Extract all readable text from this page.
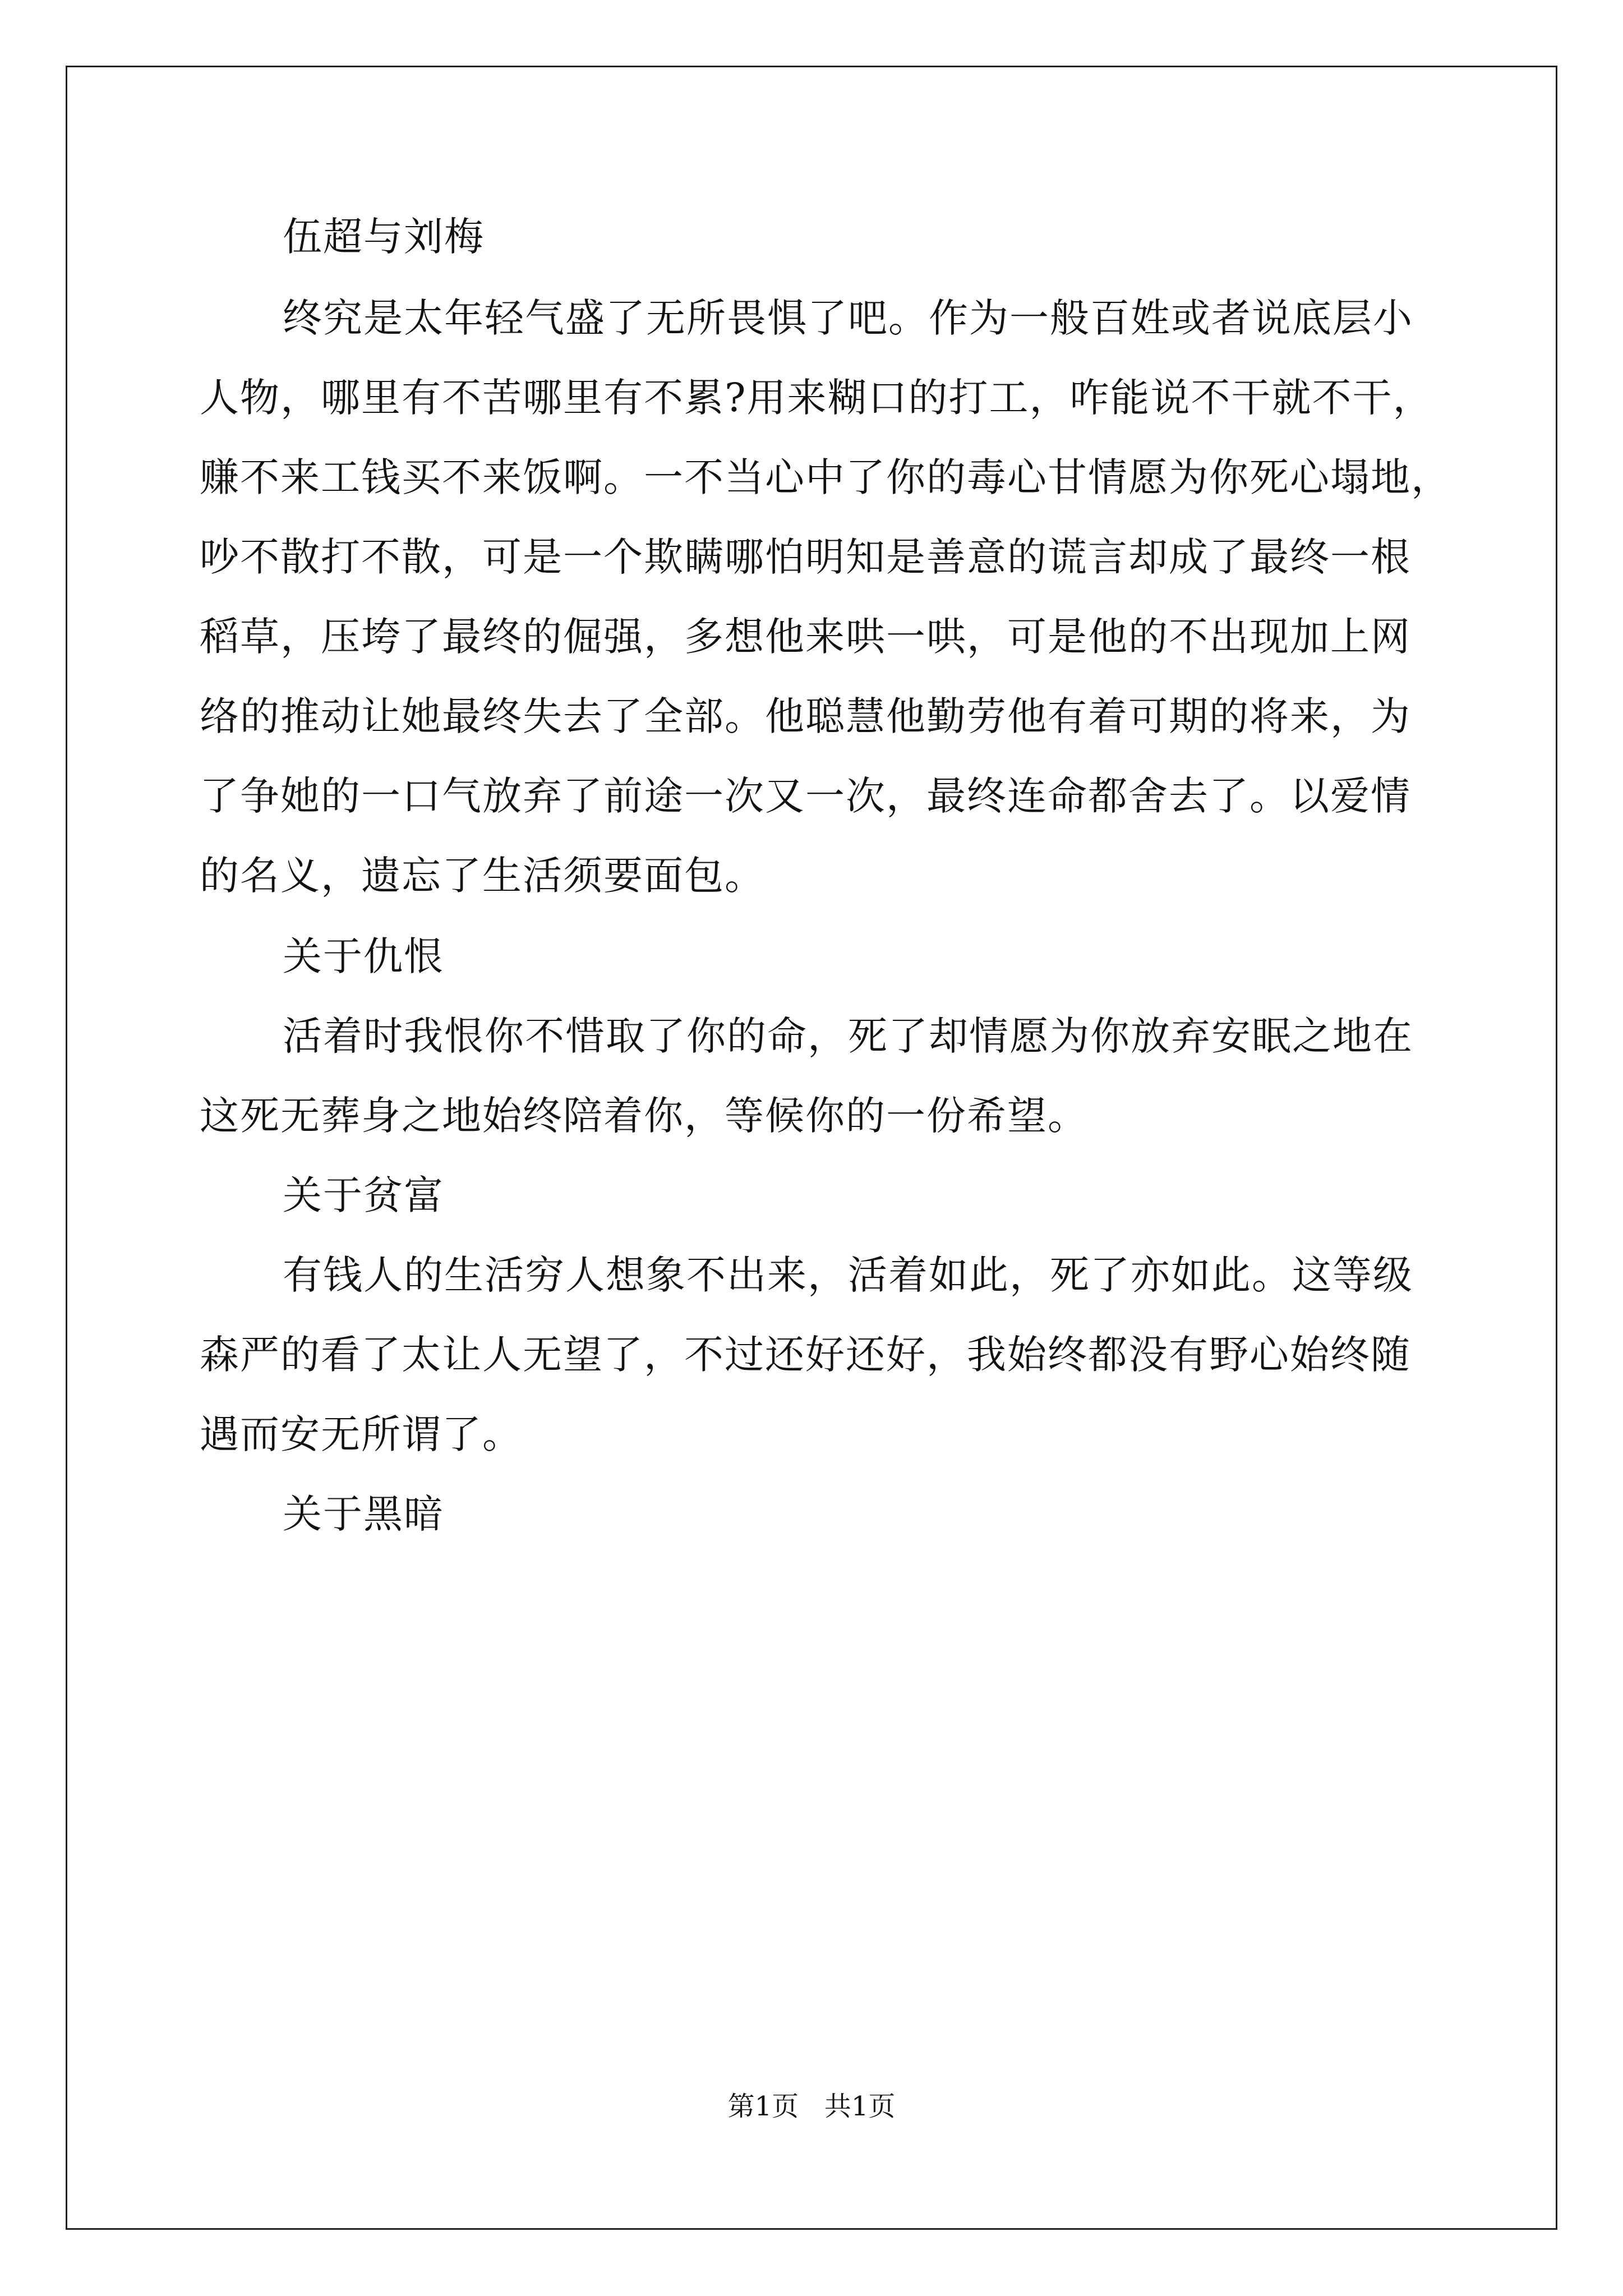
伍超与刘梅
终究是太年轻气盛了无所畏惧了吧。作为一般百姓或者说底层小
人物，哪里有不苦哪里有不累?用来糊口的打工，咋能说不干就不干，
赚不来工钱买不来饭啊。一不当心中了你的毒心甘情愿为你死心塌地，
吵不散打不散，可是一个欺瞒哪怕明知是善意的谎言却成了最终一根
稻草，压垮了最终的倔强，多想他来哄一哄，可是他的不出现加上网
络的推动让她最终失去了全部。他聪慧他勤劳他有着可期的将来，为
了争她的一口气放弃了前途一次又一次，最终连命都舍去了。以爱情
的名义，遗忘了生活须要面包。
关于仇恨
活着时我恨你不惜取了你的命，死了却情愿为你放弃安眠之地在
这死无葬身之地始终陪着你，等候你的一份希望。
关于贫富
有钱人的生活穷人想象不出来，活着如此，死了亦如此。这等级
森严的看了太让人无望了，不过还好还好，我始终都没有野心始终随
遇而安无所谓了。
关于黑暗
第1页   共1页
